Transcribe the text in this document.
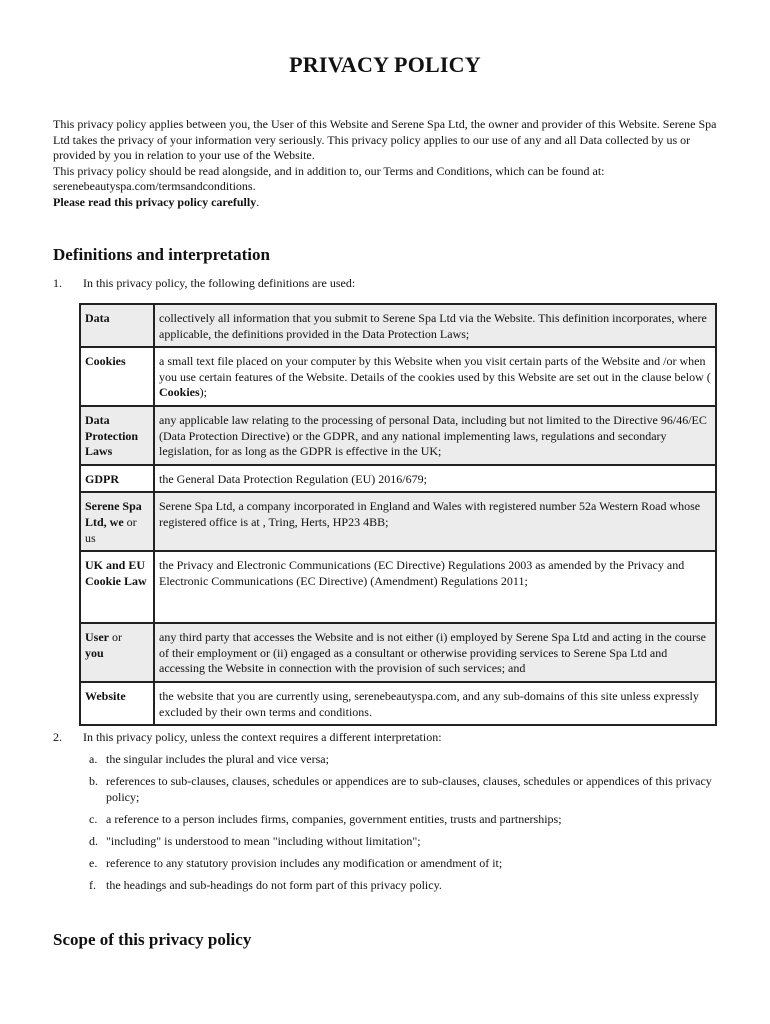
PRIVACY POLICY

This privacy policy applies between you, the User of this Website and Serene Spa Ltd, the owner and provider of this Website. Serene Spa Ltd takes the privacy of your information very seriously. This privacy policy applies to our use of any and all Data collected by us or provided by you in relation to your use of the Website.

This privacy policy should be read alongside, and in addition to, our Terms and Conditions, which can be found at:

serenebeautyspa.com/termsandconditions.

Please read this privacy policy carefully.

Definitions and interpretation
1.	In this privacy policy, the following definitions are used:
Data	collectively all information that you submit to Serene Spa Ltd via the Website. This definition incorporates, where applicable, the definitions provided in the Data Protection Laws;
Cookies	a small text file placed on your computer by this Website when you visit certain parts of the Website and /or when you use certain features of the Website. Details of the cookies used by this Website are set out in the clause below ( Cookies);
Data Protection Laws	any applicable law relating to the processing of personal Data, including but not limited to the Directive 96/46/EC (Data Protection Directive) or the GDPR, and any national implementing laws, regulations and secondary legislation, for as long as the GDPR is effective in the UK;
GDPR	the General Data Protection Regulation (EU) 2016/679;
Serene Spa Ltd, we or us	Serene Spa Ltd, a company incorporated in England and Wales with registered number 52a Western Road whose registered office is at , Tring, Herts, HP23 4BB;
UK and EU Cookie Law	the Privacy and Electronic Communications (EC Directive) Regulations 2003 as amended by the Privacy and Electronic Communications (EC Directive) (Amendment) Regulations 2011;
User or
you	any third party that accesses the Website and is not either (i) employed by Serene Spa Ltd and acting in the course of their employment or (ii) engaged as a consultant or otherwise providing services to Serene Spa Ltd and accessing the Website in connection with the provision of such services; and
Website	the website that you are currently using, serenebeautyspa.com, and any sub-domains of this site unless expressly excluded by their own terms and conditions.
2.	In this privacy policy, unless the context requires a different interpretation:
a. the singular includes the plural and vice versa;
b. references to sub-clauses, clauses, schedules or appendices are to sub-clauses, clauses, schedules or appendices of this privacy policy;
c. a reference to a person includes firms, companies, government entities, trusts and partnerships;
d. "including" is understood to mean "including without limitation";
e. reference to any statutory provision includes any modification or amendment of it;
f. the headings and sub-headings do not form part of this privacy policy.
Scope of this privacy policy
